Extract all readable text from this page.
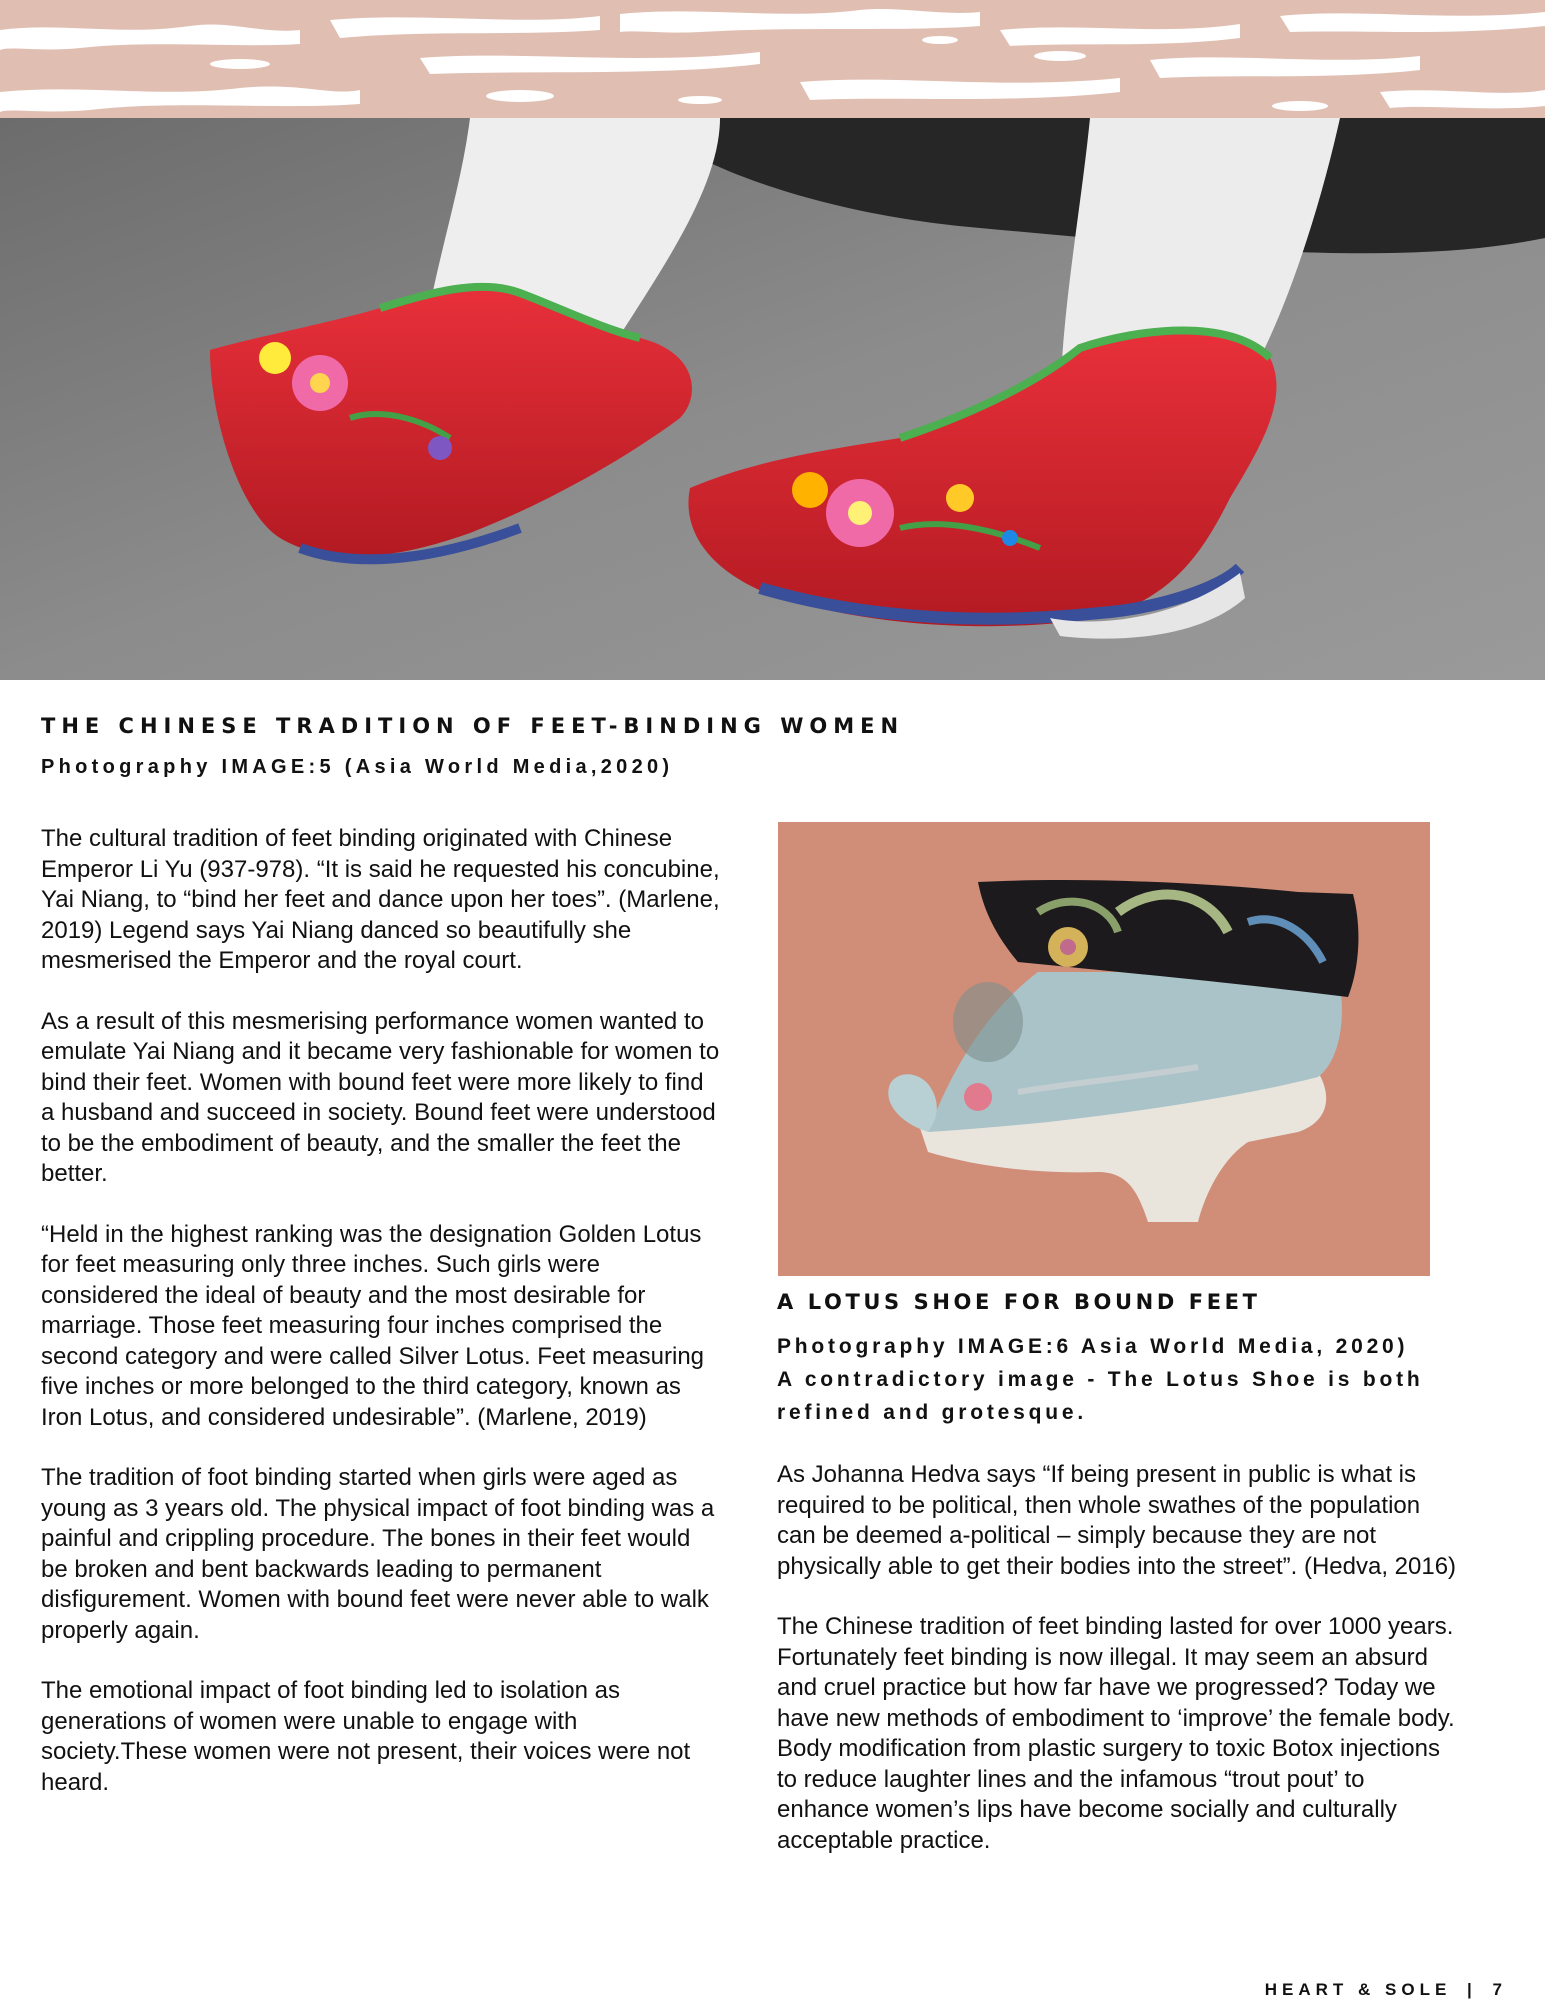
THE CHINESE TRADITION OF FEET-BINDING WOMEN

Photography IMAGE:5 (Asia World Media,2020)

The cultural tradition of feet binding originated with Chinese Emperor Li Yu (937-978). “It is said he requested his concubine, Yai Niang, to “bind her feet and dance upon her toes”. (Marlene, 2019) Legend says Yai Niang danced so beautifully she mesmerised the Emperor and the royal court.

As a result of this mesmerising performance women wanted to emulate Yai Niang and it became very fashionable for women to bind their feet. Women with bound feet were more likely to find a husband and succeed in society. Bound feet were understood to be the embodiment of beauty, and the smaller the feet the better.

“Held in the highest ranking was the designation Golden Lotus for feet measuring only three inches. Such girls were considered the ideal of beauty and the most desirable for marriage. Those feet measuring four inches comprised the second category and were called Silver Lotus. Feet measuring five inches or more belonged to the third category, known as Iron Lotus, and considered undesirable”. (Marlene, 2019)

The tradition of foot binding started when girls were aged as young as 3 years old. The physical impact of foot binding was a painful and crippling procedure. The bones in their feet would be broken and bent backwards leading to permanent disfigurement. Women with bound feet were never able to walk properly again.

The emotional impact of foot binding led to isolation as generations of women were unable to engage with society.These women were not present, their voices were not heard.

A LOTUS SHOE FOR BOUND FEET

Photography IMAGE:6 Asia World Media, 2020)
A contradictory image - The Lotus Shoe is both refined and grotesque.

As Johanna Hedva says “If being present in public is what is required to be political, then whole swathes of the population can be deemed a-political – simply because they are not physically able to get their bodies into the street”. (Hedva, 2016)

The Chinese tradition of feet binding lasted for over 1000 years. Fortunately feet binding is now illegal. It may seem an absurd and cruel practice but how far have we progressed? Today we have new methods of embodiment to ‘improve’ the female body. Body modification from plastic surgery to toxic Botox injections to reduce laughter lines and the infamous “trout pout’ to enhance women’s lips have become socially and culturally acceptable practice.

HEART & SOLE | 7
